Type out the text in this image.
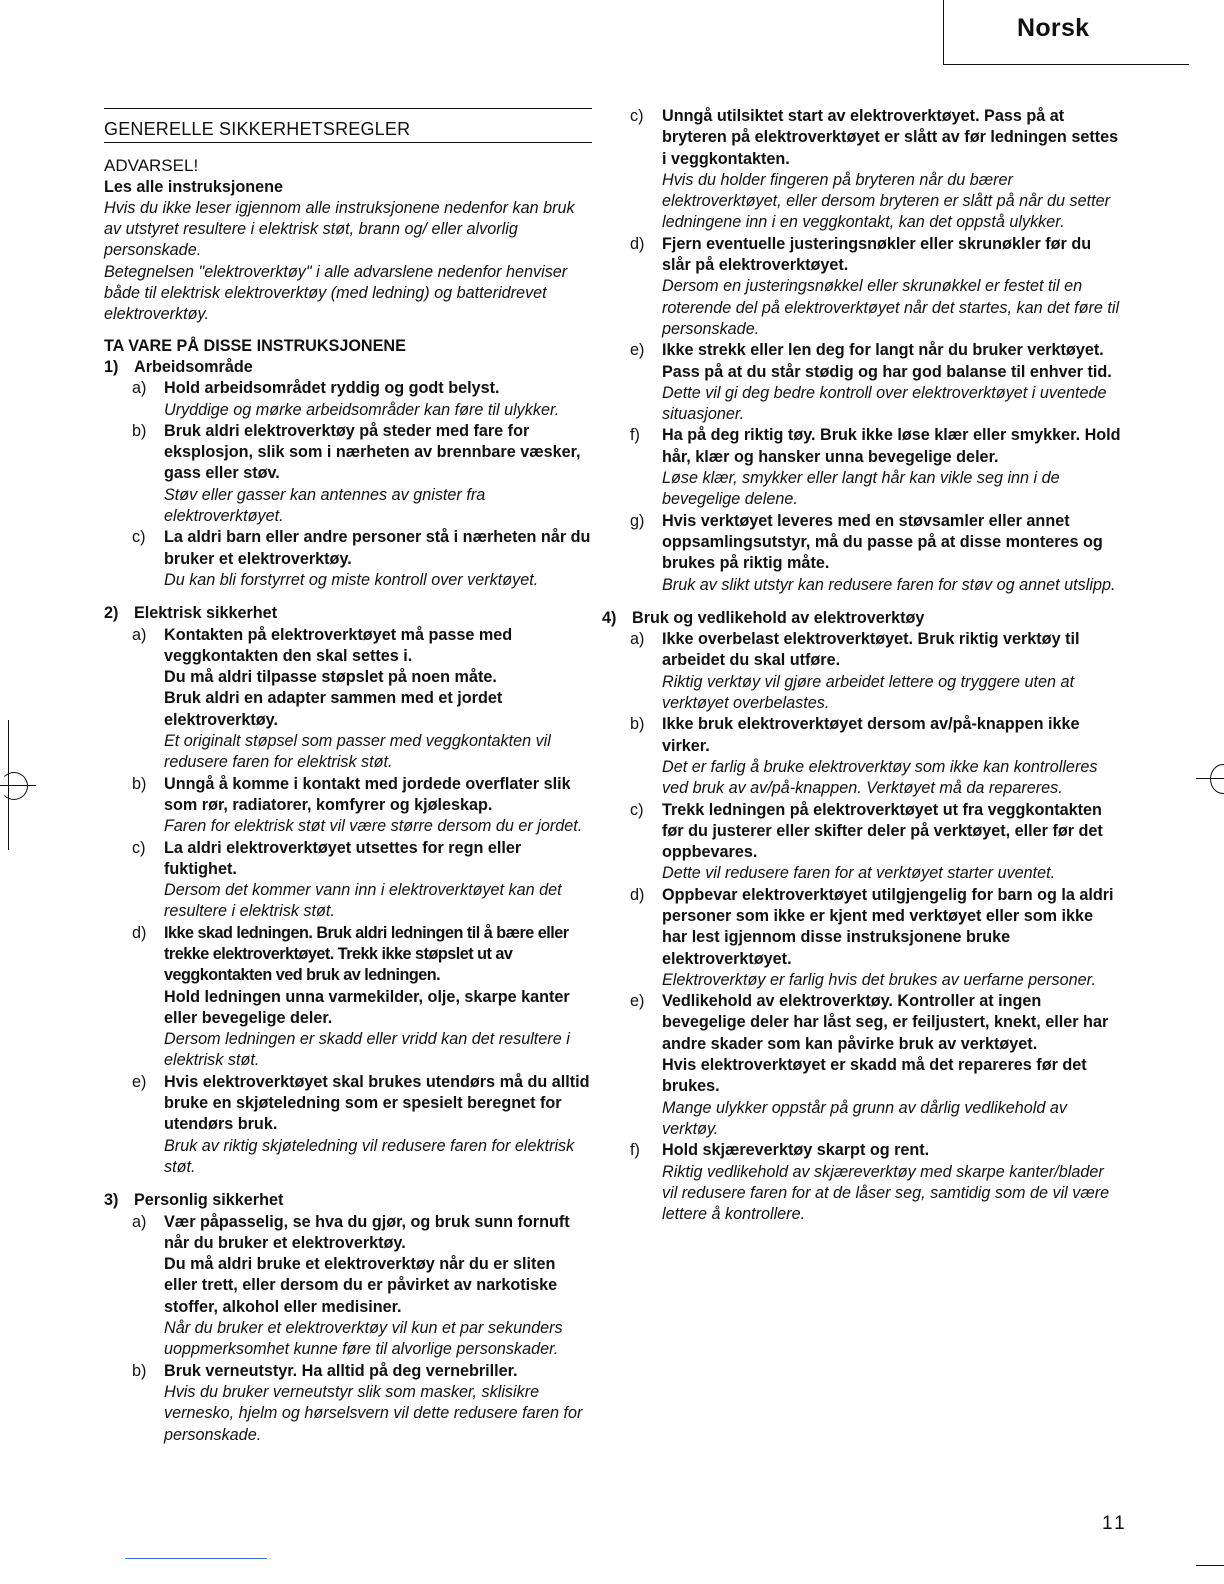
Norsk
GENERELLE SIKKERHETSREGLER
ADVARSEL!
Les alle instruksjonene
Hvis du ikke leser igjennom alle instruksjonene nedenfor kan bruk av utstyret resultere i elektrisk støt, brann og/ eller alvorlig personskade.
Betegnelsen "elektroverktøy" i alle advarslene nedenfor henviser både til elektrisk elektroverktøy (med ledning) og batteridrevet elektroverktøy.
TA VARE PÅ DISSE INSTRUKSJONENE
1) Arbeidsområde
a)	Hold arbeidsområdet ryddig og godt belyst.
Uryddige og mørke arbeidsområder kan føre til ulykker.
b)	Bruk aldri elektroverktøy på steder med fare for eksplosjon, slik som i nærheten av brennbare væsker, gass eller støv.
Støv eller gasser kan antennes av gnister fra elektroverktøyet.
c)	La aldri barn eller andre personer stå i nærheten når du bruker et elektroverktøy.
Du kan bli forstyrret og miste kontroll over verktøyet.
2) Elektrisk sikkerhet
a)	Kontakten på elektroverktøyet må passe med veggkontakten den skal settes i.
Du må aldri tilpasse støpslet på noen måte.
Bruk aldri en adapter sammen med et jordet elektroverktøy.
Et originalt støpsel som passer med veggkontakten vil redusere faren for elektrisk støt.
b)	Unngå å komme i kontakt med jordede overflater slik som rør, radiatorer, komfyrer og kjøleskap.
Faren for elektrisk støt vil være større dersom du er jordet.
c)	La aldri elektroverktøyet utsettes for regn eller fuktighet.
Dersom det kommer vann inn i elektroverktøyet kan det resultere i elektrisk støt.
d)	Ikke skad ledningen. Bruk aldri ledningen til å bære eller trekke elektroverktøyet. Trekk ikke støpslet ut av veggkontakten ved bruk av ledningen.
Hold ledningen unna varmekilder, olje, skarpe kanter eller bevegelige deler.
Dersom ledningen er skadd eller vridd kan det resultere i elektrisk støt.
e)	Hvis elektroverktøyet skal brukes utendørs må du alltid bruke en skjøteledning som er spesielt beregnet for utendørs bruk.
Bruk av riktig skjøteledning vil redusere faren for elektrisk støt.
3) Personlig sikkerhet
a)	Vær påpasselig, se hva du gjør, og bruk sunn fornuft når du bruker et elektroverktøy.
Du må aldri bruke et elektroverktøy når du er sliten eller trett, eller dersom du er påvirket av narkotiske stoffer, alkohol eller medisiner.
Når du bruker et elektroverktøy vil kun et par sekunders uoppmerksomhet kunne føre til alvorlige personskader.
b)	Bruk verneutstyr. Ha alltid på deg vernebriller.
Hvis du bruker verneutstyr slik som masker, sklisikre vernesko, hjelm og hørselsvern vil dette redusere faren for personskade.
c)	Unngå utilsiktet start av elektroverktøyet. Pass på at bryteren på elektroverktøyet er slått av før ledningen settes i veggkontakten.
Hvis du holder fingeren på bryteren når du bærer elektroverktøyet, eller dersom bryteren er slått på når du setter ledningene inn i en veggkontakt, kan det oppstå ulykker.
d)	Fjern eventuelle justeringsnøkler eller skrunøkler før du slår på elektroverktøyet.
Dersom en justeringsnøkkel eller skrunøkkel er festet til en roterende del på elektroverktøyet når det startes, kan det føre til personskade.
e)	Ikke strekk eller len deg for langt når du bruker verktøyet. Pass på at du står stødig og har god balanse til enhver tid.
Dette vil gi deg bedre kontroll over elektroverktøyet i uventede situasjoner.
f)	Ha på deg riktig tøy. Bruk ikke løse klær eller smykker. Hold hår, klær og hansker unna bevegelige deler.
Løse klær, smykker eller langt hår kan vikle seg inn i de bevegelige delene.
g)	Hvis verktøyet leveres med en støvsamler eller annet oppsamlingsutstyr, må du passe på at disse monteres og brukes på riktig måte.
Bruk av slikt utstyr kan redusere faren for støv og annet utslipp.
4) Bruk og vedlikehold av elektroverktøy
a)	Ikke overbelast elektroverktøyet. Bruk riktig verktøy til arbeidet du skal utføre.
Riktig verktøy vil gjøre arbeidet lettere og tryggere uten at verktøyet overbelastes.
b)	Ikke bruk elektroverktøyet dersom av/på-knappen ikke virker.
Det er farlig å bruke elektroverktøy som ikke kan kontrolleres ved bruk av av/på-knappen. Verktøyet må da repareres.
c)	Trekk ledningen på elektroverktøyet ut fra veggkontakten før du justerer eller skifter deler på verktøyet, eller før det oppbevares.
Dette vil redusere faren for at verktøyet starter uventet.
d)	Oppbevar elektroverktøyet utilgjengelig for barn og la aldri personer som ikke er kjent med verktøyet eller som ikke har lest igjennom disse instruksjonene bruke elektroverktøyet.
Elektroverktøy er farlig hvis det brukes av uerfarne personer.
e)	Vedlikehold av elektroverktøy. Kontroller at ingen bevegelige deler har låst seg, er feiljustert, knekt, eller har andre skader som kan påvirke bruk av verktøyet.
Hvis elektroverktøyet er skadd må det repareres før det brukes.
Mange ulykker oppstår på grunn av dårlig vedlikehold av verktøy.
f)	Hold skjæreverktøy skarpt og rent.
Riktig vedlikehold av skjæreverktøy med skarpe kanter/blader vil redusere faren for at de låser seg, samtidig som de vil være lettere å kontrollere.
11
